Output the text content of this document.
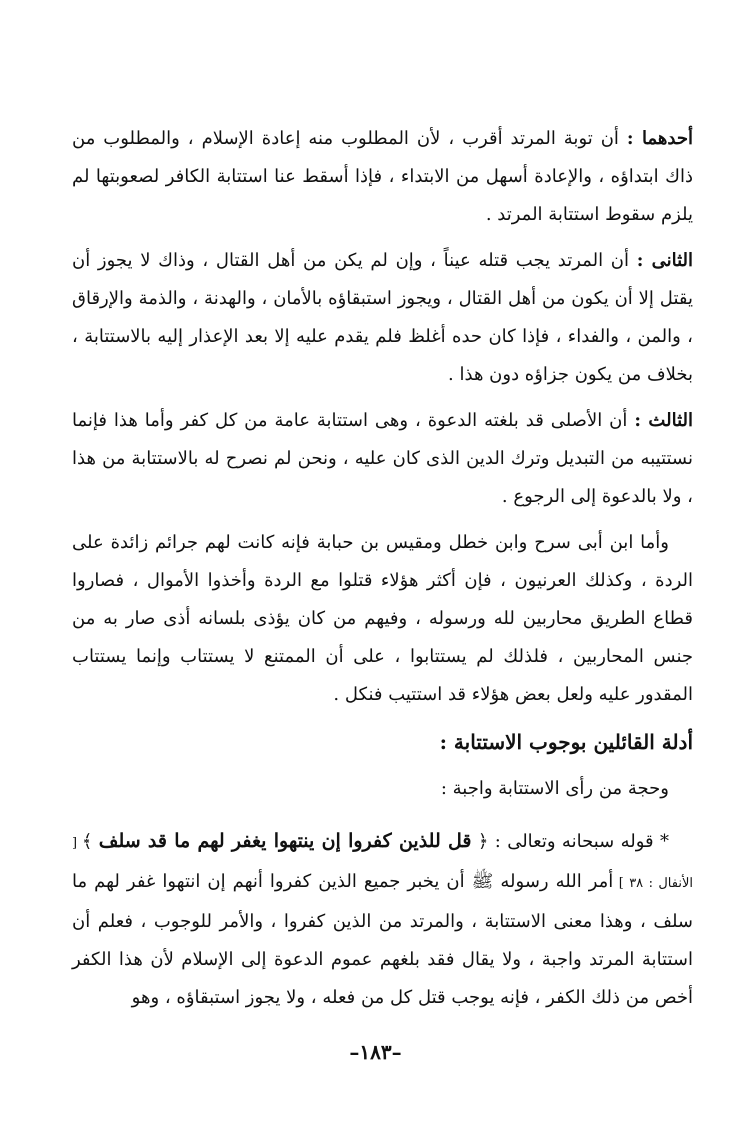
أحدهما : أن توبة المرتد أقرب ، لأن المطلوب منه إعادة الإسلام ، والمطلوب من ذاك ابتداؤه ، والإعادة أسهل من الابتداء ، فإذا أسقط عنا استتابة الكافر لصعوبتها لم يلزم سقوط استتابة المرتد .

الثانى : أن المرتد يجب قتله عيناً ، وإن لم يكن من أهل القتال ، وذاك لا يجوز أن يقتل إلا أن يكون من أهل القتال ، ويجوز استبقاؤه بالأمان ، والهدنة ، والذمة والإرقاق ، والمن ، والفداء ، فإذا كان حده أغلظ فلم يقدم عليه إلا بعد الإعذار إليه بالاستتابة ، بخلاف من يكون جزاؤه دون هذا .

الثالث : أن الأصلى قد بلغته الدعوة ، وهى استتابة عامة من كل كفر وأما هذا فإنما نستتيبه من التبديل وترك الدين الذى كان عليه ، ونحن لم نصرح له بالاستتابة من هذا ، ولا بالدعوة إلى الرجوع .

وأما ابن أبى سرح وابن خطل ومقيس بن حبابة فإنه كانت لهم جرائم زائدة على الردة ، وكذلك العرنيون ، فإن أكثر هؤلاء قتلوا مع الردة وأخذوا الأموال ، فصاروا قطاع الطريق محاربين لله ورسوله ، وفيهم من كان يؤذى بلسانه أذى صار به من جنس المحاربين ، فلذلك لم يستتابوا ، على أن الممتنع لا يستتاب وإنما يستتاب المقدور عليه ولعل بعض هؤلاء قد استتيب فنكل .

أدلة القائلين بوجوب الاستتابة :

وحجة من رأى الاستتابة واجبة :

* قوله سبحانه وتعالى : ﴿ قل للذين كفروا إن ينتهوا يغفر لهم ما قد سلف ﴾ [ الأنفال : ٣٨ ] أمر الله رسوله ﷺ أن يخبر جميع الذين كفروا أنهم إن انتهوا غفر لهم ما سلف ، وهذا معنى الاستتابة ، والمرتد من الذين كفروا ، والأمر للوجوب ، فعلم أن استتابة المرتد واجبة ، ولا يقال فقد بلغهم عموم الدعوة إلى الإسلام لأن هذا الكفر أخص من ذلك الكفر ، فإنه يوجب قتل كل من فعله ، ولا يجوز استبقاؤه ، وهو

–١٨٣–
